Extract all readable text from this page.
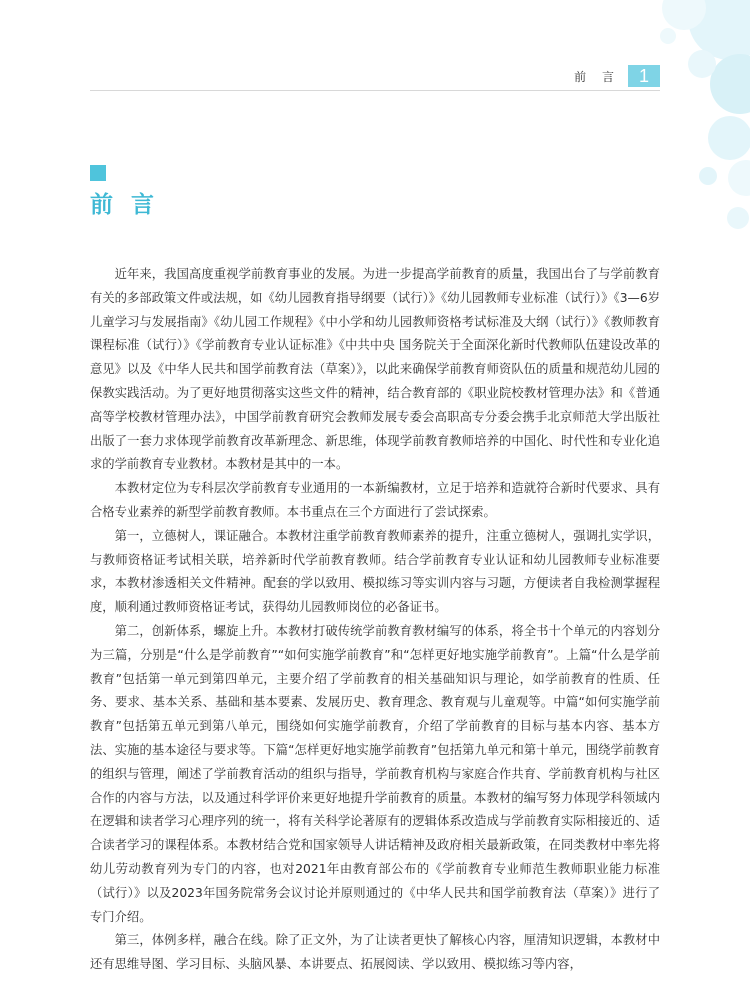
前 言	1
前言

近年来，我国高度重视学前教育事业的发展。为进一步提高学前教育的质量，我国出台了与学前教育有关的多部政策文件或法规，如《幼儿园教育指导纲要（试行）》《幼儿园教师专业标准（试行）》《3—6岁儿童学习与发展指南》《幼儿园工作规程》《中小学和幼儿园教师资格考试标准及大纲（试行）》《教师教育课程标准（试行）》《学前教育专业认证标准》《中共中央 国务院关于全面深化新时代教师队伍建设改革的意见》以及《中华人民共和国学前教育法（草案）》，以此来确保学前教育师资队伍的质量和规范幼儿园的保教实践活动。为了更好地贯彻落实这些文件的精神，结合教育部的《职业院校教材管理办法》和《普通高等学校教材管理办法》，中国学前教育研究会教师发展专委会高职高专分委会携手北京师范大学出版社出版了一套力求体现学前教育改革新理念、新思维，体现学前教育教师培养的中国化、时代性和专业化追求的学前教育专业教材。本教材是其中的一本。

本教材定位为专科层次学前教育专业通用的一本新编教材，立足于培养和造就符合新时代要求、具有合格专业素养的新型学前教育教师。本书重点在三个方面进行了尝试探索。

第一，立德树人，课证融合。本教材注重学前教育教师素养的提升，注重立德树人，强调扎实学识，与教师资格证考试相关联，培养新时代学前教育教师。结合学前教育专业认证和幼儿园教师专业标准要求，本教材渗透相关文件精神。配套的学以致用、模拟练习等实训内容与习题，方便读者自我检测掌握程度，顺利通过教师资格证考试，获得幼儿园教师岗位的必备证书。

第二，创新体系，螺旋上升。本教材打破传统学前教育教材编写的体系，将全书十个单元的内容划分为三篇，分别是“什么是学前教育”“如何实施学前教育”和“怎样更好地实施学前教育”。上篇“什么是学前教育”包括第一单元到第四单元，主要介绍了学前教育的相关基础知识与理论，如学前教育的性质、任务、要求、基本关系、基础和基本要素、发展历史、教育理念、教育观与儿童观等。中篇“如何实施学前教育”包括第五单元到第八单元，围绕如何实施学前教育，介绍了学前教育的目标与基本内容、基本方法、实施的基本途径与要求等。下篇“怎样更好地实施学前教育”包括第九单元和第十单元，围绕学前教育的组织与管理，阐述了学前教育活动的组织与指导，学前教育机构与家庭合作共育、学前教育机构与社区合作的内容与方法，以及通过科学评价来更好地提升学前教育的质量。本教材的编写努力体现学科领域内在逻辑和读者学习心理序列的统一，将有关科学论著原有的逻辑体系改造成与学前教育实际相接近的、适合读者学习的课程体系。本教材结合党和国家领导人讲话精神及政府相关最新政策，在同类教材中率先将幼儿劳动教育列为专门的内容，也对2021年由教育部公布的《学前教育专业师范生教师职业能力标准（试行）》以及2023年国务院常务会议讨论并原则通过的《中华人民共和国学前教育法（草案）》进行了专门介绍。

第三，体例多样，融合在线。除了正文外，为了让读者更快了解核心内容，厘清知识逻辑，本教材中还有思维导图、学习目标、头脑风暴、本讲要点、拓展阅读、学以致用、模拟练习等内容，
